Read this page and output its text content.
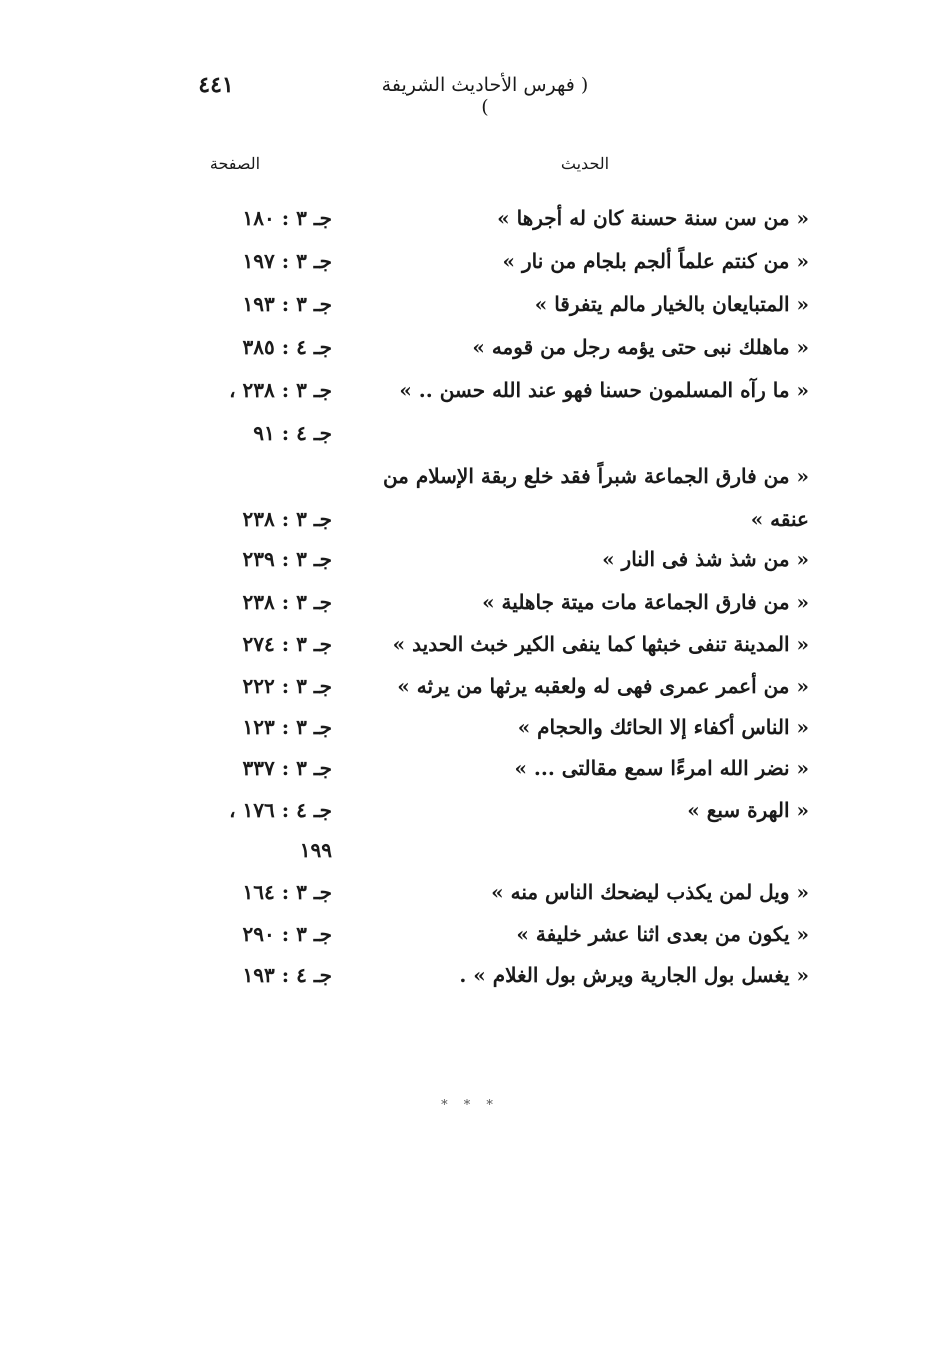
( فهرس الأحاديث الشريفة )
٤٤١
الحديث
الصفحة
« من سن سنة حسنة كان له أجرها »
جـ ٣ : ١٨٠
« من كنتم علماً ألجم بلجام من نار »
جـ ٣ : ١٩٧
« المتبايعان بالخيار مالم يتفرقا »
جـ ٣ : ١٩٣
« ماهلك نبى حتى يؤمه رجل من قومه »
جـ ٤ : ٣٨٥
« ما رآه المسلمون حسنا فهو عند الله حسن .. »
جـ ٣ : ٢٣٨ ،
جـ ٤ : ٩١
« من فارق الجماعة شبراً فقد خلع ربقة الإسلام من
عنقه »
جـ ٣ : ٢٣٨
« من شذ شذ فى النار »
جـ ٣ : ٢٣٩
« من فارق الجماعة مات ميتة جاهلية »
جـ ٣ : ٢٣٨
« المدينة تنفى خبثها كما ينفى الكير خبث الحديد »
جـ ٣ : ٢٧٤
« من أعمر عمرى فهى له ولعقبه يرثها من يرثه »
جـ ٣ : ٢٢٢
« الناس أكفاء إلا الحائك والحجام »
جـ ٣ : ١٢٣
« نضر الله امرءًا سمع مقالتى ... »
جـ ٣ : ٣٣٧
« الهرة سبع »
جـ ٤ : ١٧٦ ،
١٩٩
« ويل لمن يكذب ليضحك الناس منه »
جـ ٣ : ١٦٤
« يكون من بعدى اثنا عشر خليفة »
جـ ٣ : ٢٩٠
« يغسل بول الجارية ويرش بول الغلام » .
جـ ٤ : ١٩٣
* * *
